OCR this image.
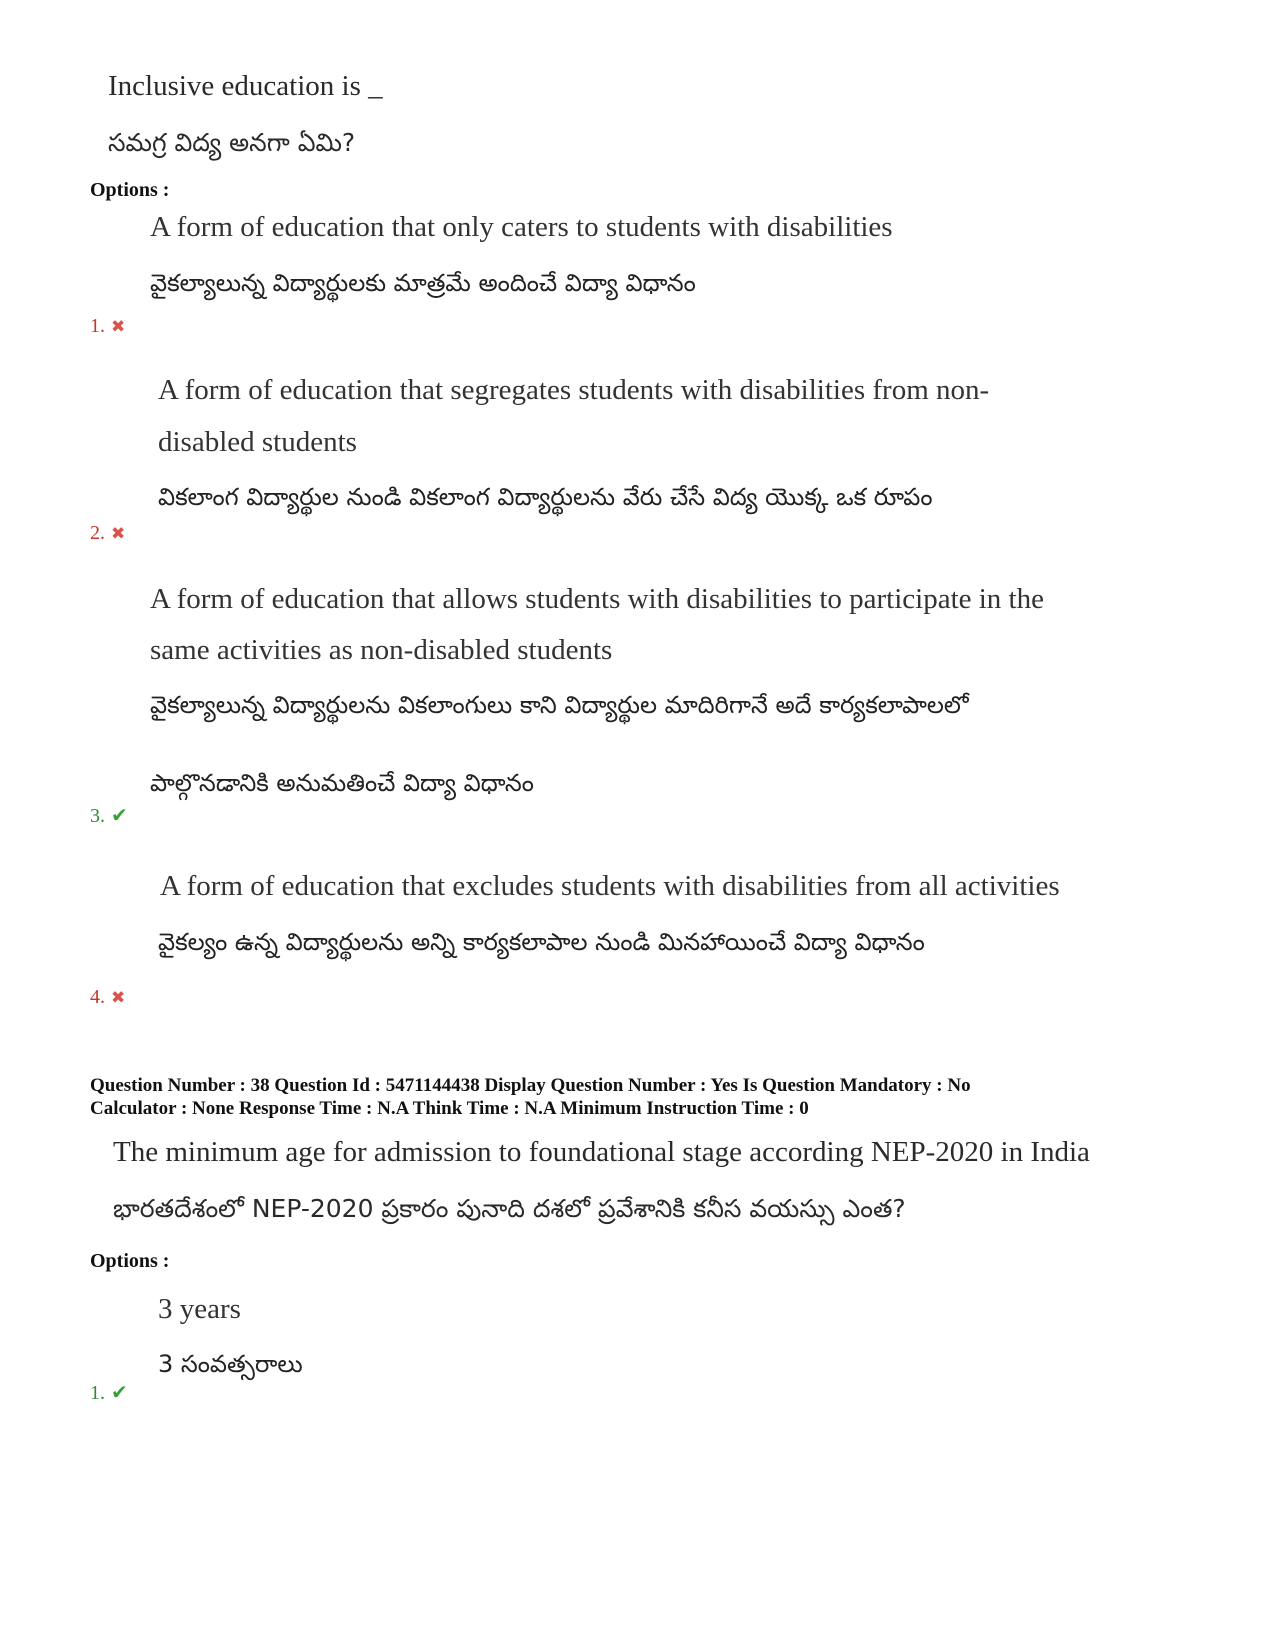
Inclusive education is _
సమగ్ర విద్య అనగా ఏమి?
Options :
A form of education that only caters to students with disabilities
వైకల్యాలున్న విద్యార్థులకు మాత్రమే అందించే విద్యా విధానం
1. ✖
A form of education that segregates students with disabilities from non-
disabled students
వికలాంగ విద్యార్థుల నుండి వికలాంగ విద్యార్థులను వేరు చేసే విద్య యొక్క ఒక రూపం
2. ✖
A form of education that allows students with disabilities to participate in the
same activities as non-disabled students
వైకల్యాలున్న విద్యార్థులను వికలాంగులు కాని విద్యార్థుల మాదిరిగానే అదే కార్యకలాపాలలో
పాల్గొనడానికి అనుమతించే విద్యా విధానం
3. ✔
A form of education that excludes students with disabilities from all activities
వైకల్యం ఉన్న విద్యార్థులను అన్ని కార్యకలాపాల నుండి మినహాయించే విద్యా విధానం
4. ✖
Question Number : 38 Question Id : 5471144438 Display Question Number : Yes Is Question Mandatory : No
Calculator : None Response Time : N.A Think Time : N.A Minimum Instruction Time : 0
The minimum age for admission to foundational stage according NEP-2020 in India
భారతదేశంలో NEP-2020 ప్రకారం పునాది దశలో ప్రవేశానికి కనీస వయస్సు ఎంత?
Options :
3 years
3 సంవత్సరాలు
1. ✔
